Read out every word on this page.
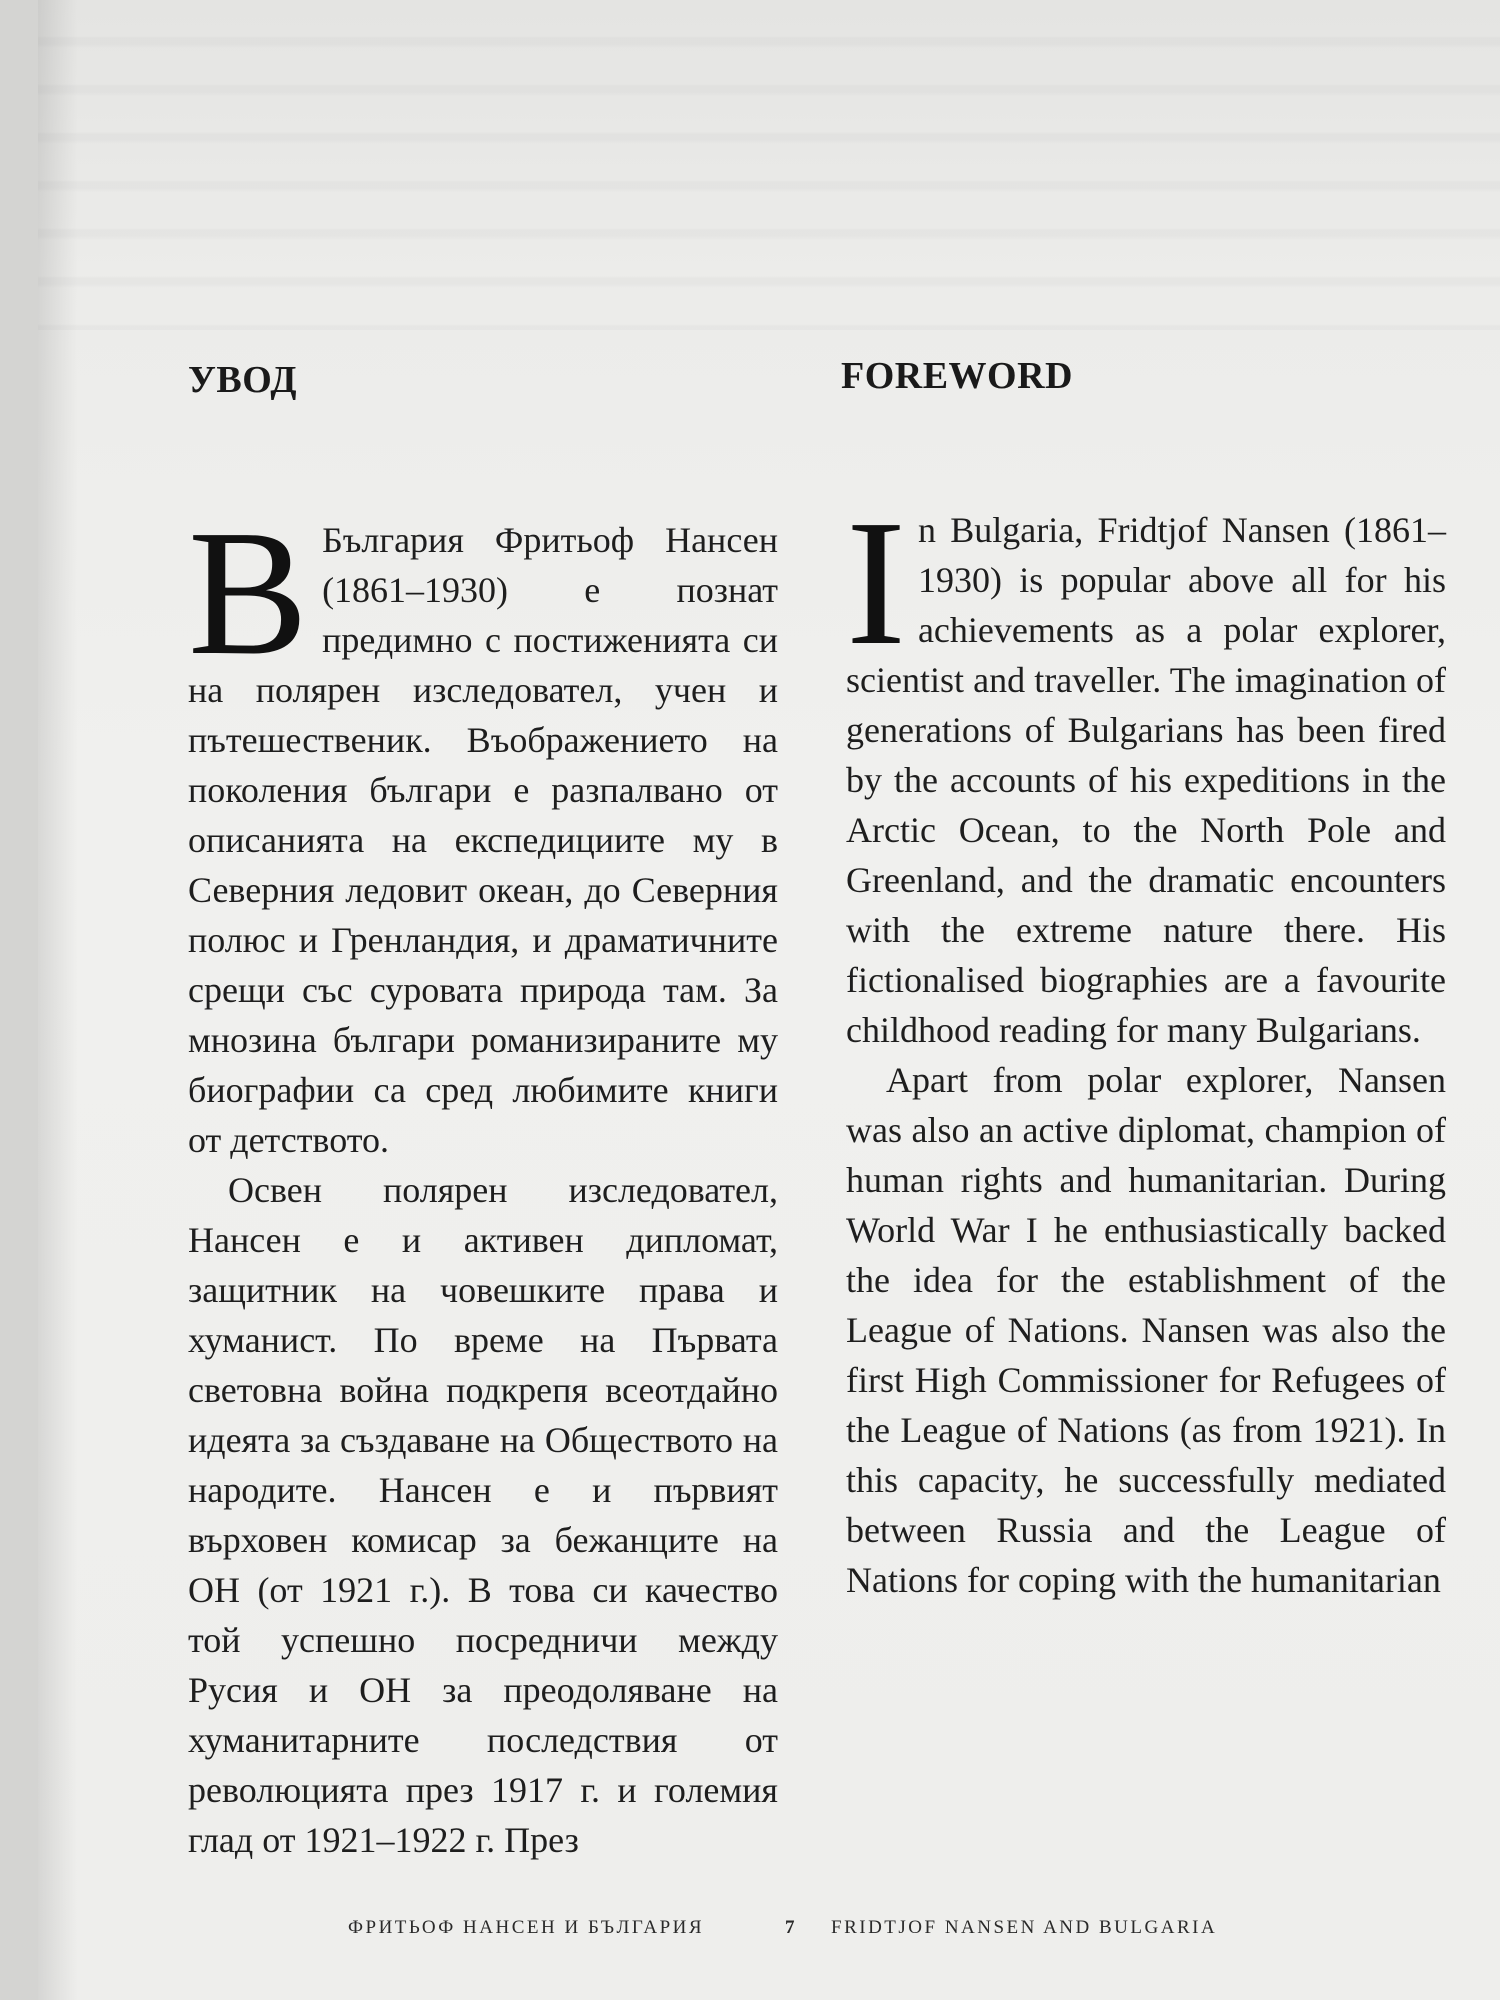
УВОД	FOREWORD

В България Фритьоф Нансен (1861–1930) е познат предимно с постиженията си на полярен изследовател, учен и пътешественик. Въображението на поколения българи е разпалвано от описанията на експедициите му в Северния ледовит океан, до Северния полюс и Гренландия, и драматичните срещи със суровата природа там. За мнозина българи романизираните му биографии са сред любимите книги от детството.

Освен полярен изследовател, Нансен е и активен дипломат, защитник на човешките права и хуманист. По време на Първата световна война подкрепя всеотдайно идеята за създаване на Обществото на народите. Нансен е и първият върховен комисар за бежанците на ОН (от 1921 г.). В това си качество той успешно посредничи между Русия и ОН за преодоляване на хуманитарните последствия от революцията през 1917 г. и големия глад от 1921–1922 г. През

In Bulgaria, Fridtjof Nansen (1861–1930) is popular above all for his achievements as a polar explorer, scientist and traveller. The imagination of generations of Bulgarians has been fired by the accounts of his expeditions in the Arctic Ocean, to the North Pole and Greenland, and the dramatic encounters with the extreme nature there. His fictionalised biographies are a favourite childhood reading for many Bulgarians.

Apart from polar explorer, Nansen was also an active diplomat, champion of human rights and humanitarian. During World War I he enthusiastically backed the idea for the establishment of the League of Nations. Nansen was also the first High Commissioner for Refugees of the League of Nations (as from 1921). In this capacity, he successfully mediated between Russia and the League of Nations for coping with the humanitarian

ФРИТЬОФ НАНСЕН И БЪЛГАРИЯ	7 FRIDTJOF NANSEN AND BULGARIA
